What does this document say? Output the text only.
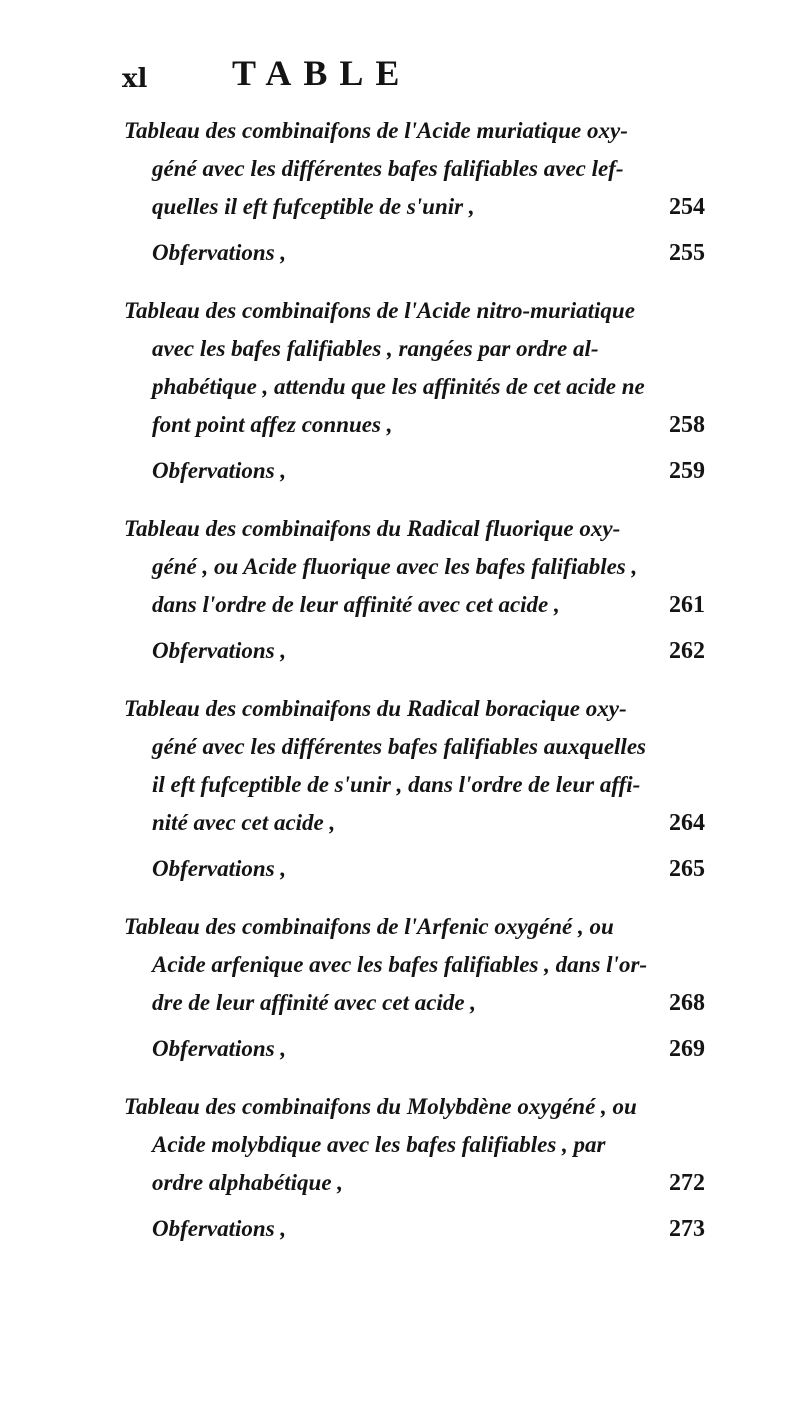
xl TABLE
Tableau des combinaifons de l'Acide muriatique oxy-
géné avec les différentes bafes falifiables avec lef-
quelles il eft fufceptible de s'unir ,	254
Obfervations ,	255
Tableau des combinaifons de l'Acide nitro-muriatique
avec les bafes falifiables , rangées par ordre al-
phabétique , attendu que les affinités de cet acide ne
font point affez connues ,	258
Obfervations ,	259
Tableau des combinaifons du Radical fluorique oxy-
géné , ou Acide fluorique avec les bafes falifiables ,
dans l'ordre de leur affinité avec cet acide ,	261
Obfervations ,	262
Tableau des combinaifons du Radical boracique oxy-
géné avec les différentes bafes falifiables auxquelles
il eft fufceptible de s'unir , dans l'ordre de leur affi-
nité avec cet acide ,	264
Obfervations ,	265
Tableau des combinaifons de l'Arfenic oxygéné , ou
Acide arfenique avec les bafes falifiables , dans l'or-
dre de leur affinité avec cet acide ,	268
Obfervations ,	269
Tableau des combinaifons du Molybdène oxygéné , ou
Acide molybdique avec les bafes falifiables , par
ordre alphabétique ,	272
Obfervations ,	273
